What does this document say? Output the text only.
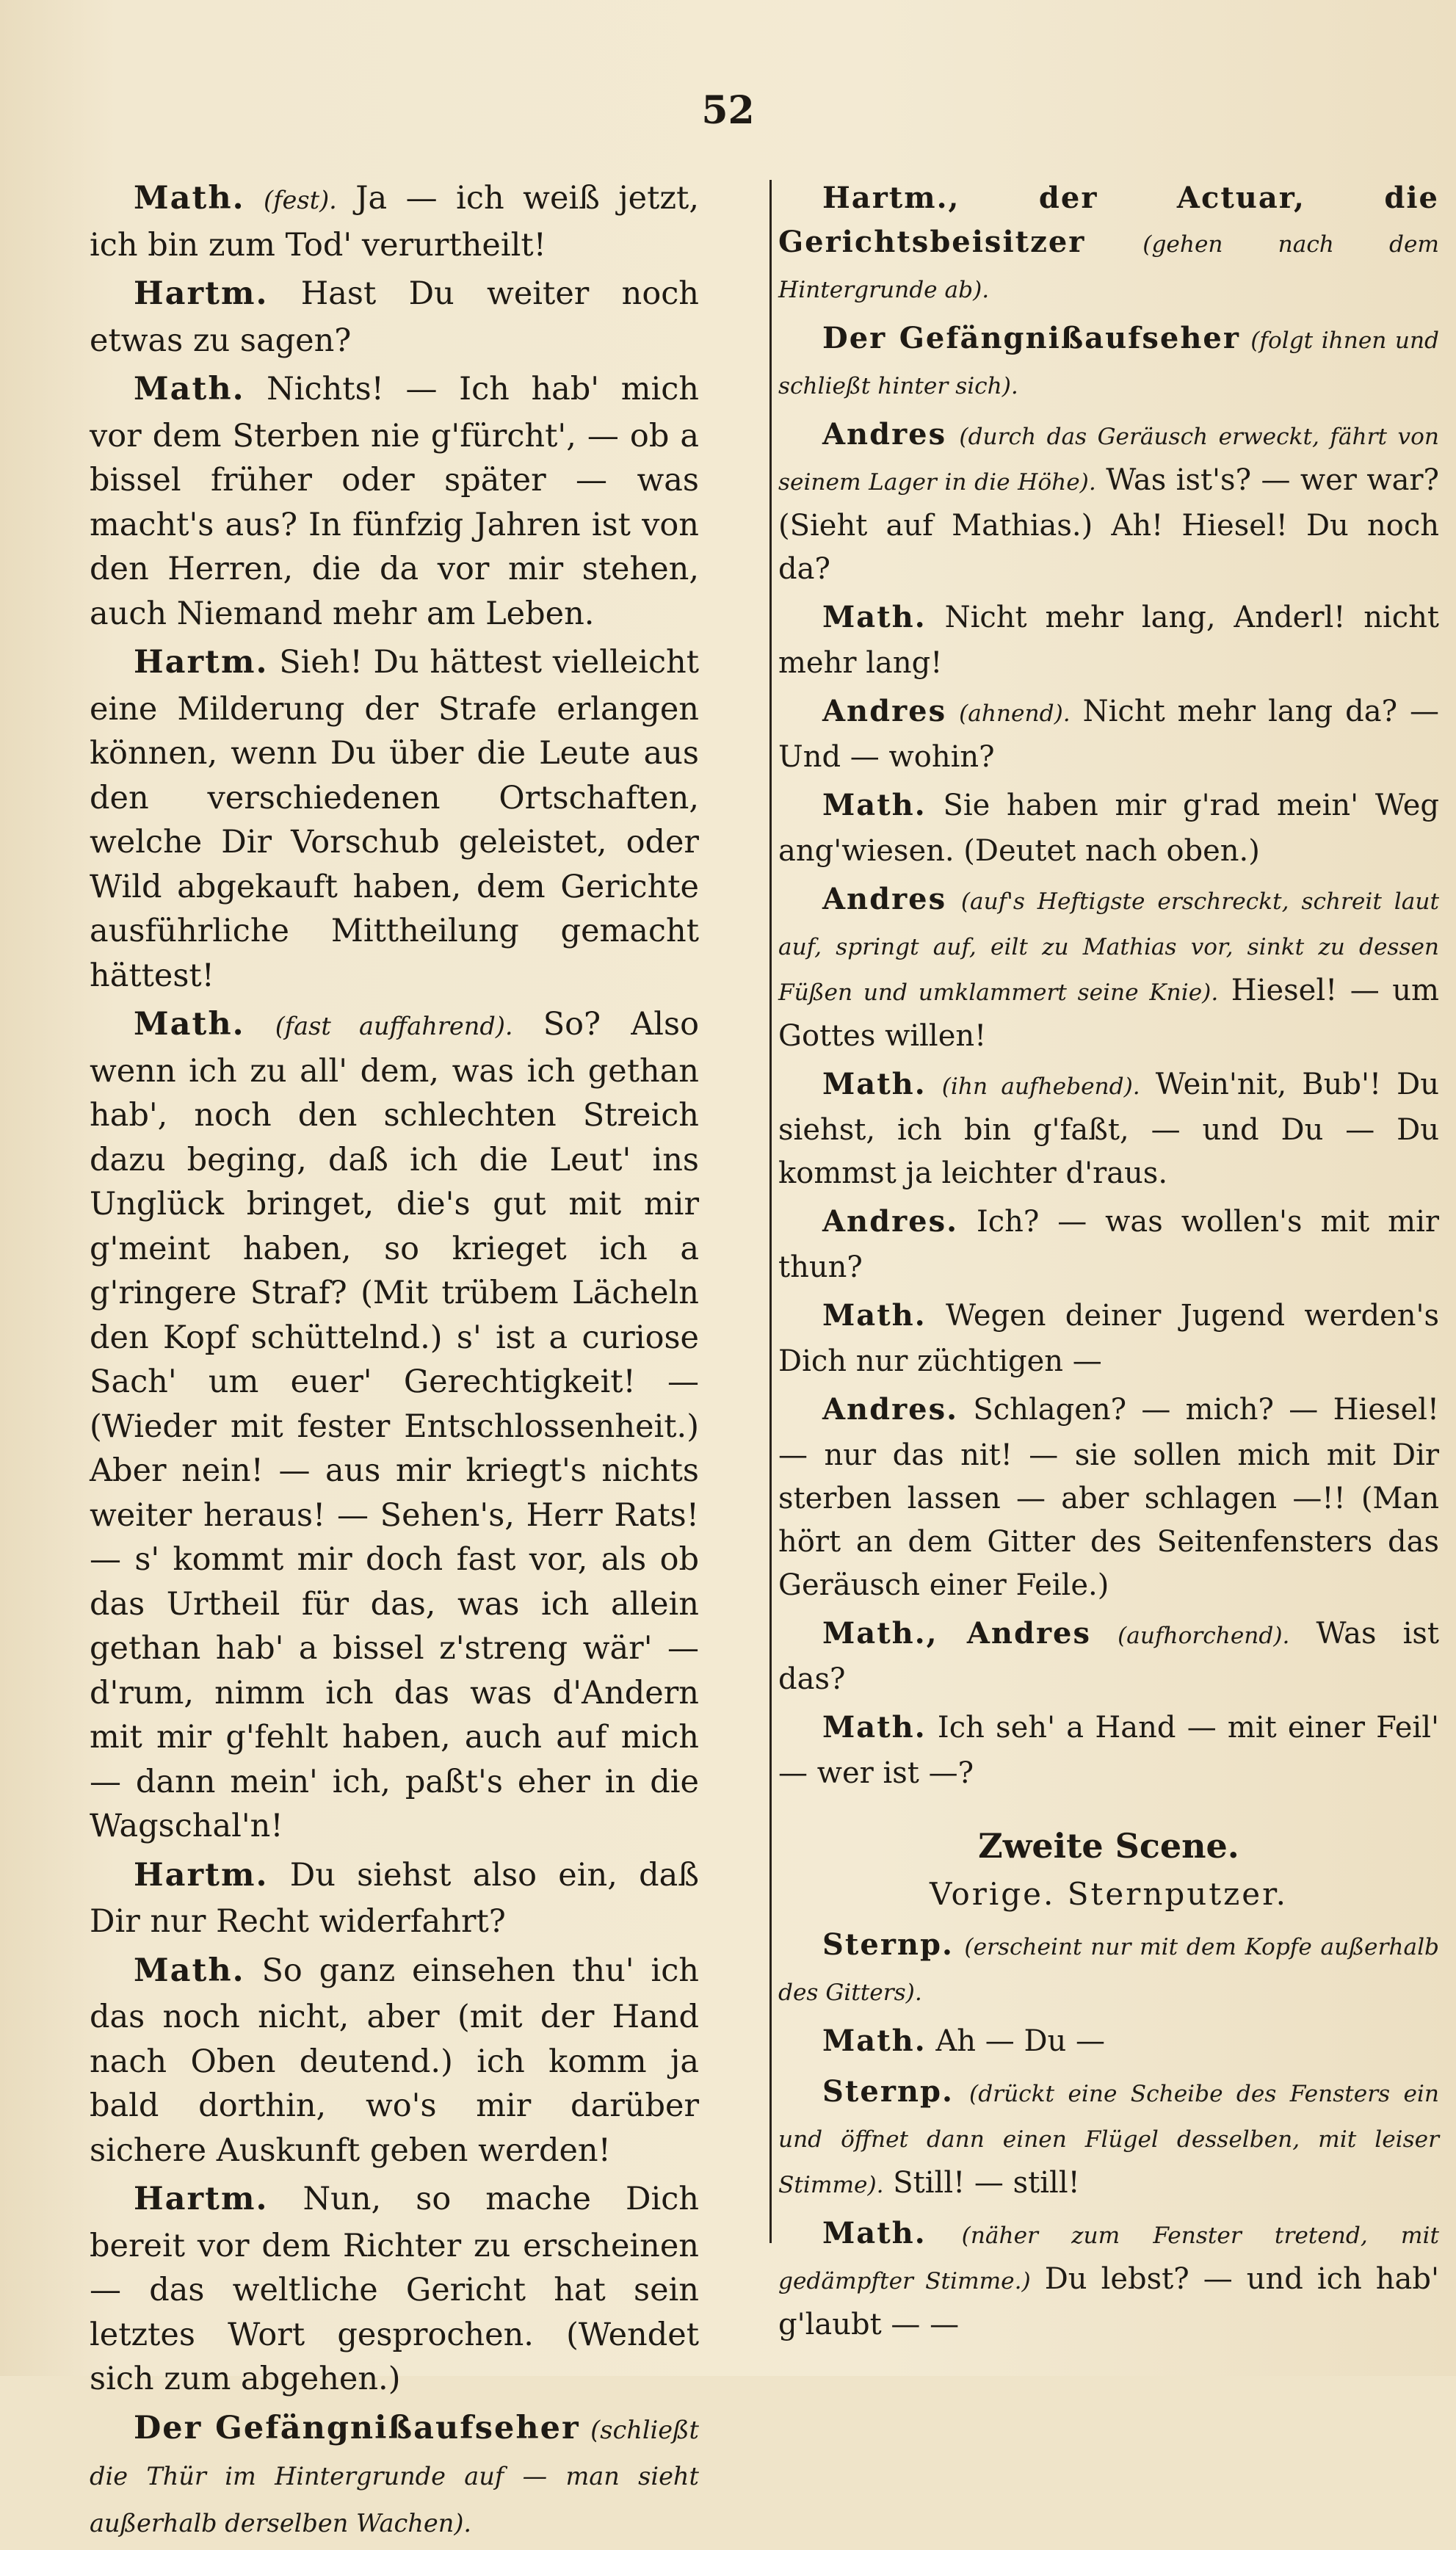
52

Math. (fest). Ja — ich weiß jetzt, ich bin zum Tod' verurtheilt!

Hartm. Hast Du weiter noch etwas zu sagen?

Math. Nichts! — Ich hab' mich vor dem Sterben nie g'fürcht', — ob a bissel früher oder später — was macht's aus? In fünfzig Jahren ist von den Herren, die da vor mir stehen, auch Niemand mehr am Leben.

Hartm. Sieh! Du hättest vielleicht eine Milderung der Strafe erlangen können, wenn Du über die Leute aus den verschiedenen Ortschaften, welche Dir Vorschub geleistet, oder Wild abgekauft haben, dem Gerichte ausführliche Mittheilung gemacht hättest!

Math. (fast auffahrend). So? Also wenn ich zu all' dem, was ich gethan hab', noch den schlechten Streich dazu beging, daß ich die Leut' ins Unglück bringet, die's gut mit mir g'meint haben, so krieget ich a g'ringere Straf? (Mit trübem Lächeln den Kopf schüttelnd.) s' ist a curiose Sach' um euer' Gerechtigkeit! — (Wieder mit fester Entschlossenheit.) Aber nein! — aus mir kriegt's nichts weiter heraus! — Sehen's, Herr Rats! — s' kommt mir doch fast vor, als ob das Urtheil für das, was ich allein gethan hab' a bissel z'streng wär' — d'rum, nimm ich das was d'Andern mit mir g'fehlt haben, auch auf mich — dann mein' ich, paßt's eher in die Wagschal'n!

Hartm. Du siehst also ein, daß Dir nur Recht widerfahrt?

Math. So ganz einsehen thu' ich das noch nicht, aber (mit der Hand nach Oben deutend.) ich komm ja bald dorthin, wo's mir darüber sichere Auskunft geben werden!

Hartm. Nun, so mache Dich bereit vor dem Richter zu erscheinen — das weltliche Gericht hat sein letztes Wort gesprochen. (Wendet sich zum abgehen.)

Der Gefängnißaufseher (schließt die Thür im Hintergrunde auf — man sieht außerhalb derselben Wachen).

Hartm., der Actuar, die Gerichtsbeisitzer (gehen nach dem Hintergrunde ab).

Der Gefängnißaufseher (folgt ihnen und schließt hinter sich).

Andres (durch das Geräusch erweckt, fährt von seinem Lager in die Höhe). Was ist's? — wer war? (Sieht auf Mathias.) Ah! Hiesel! Du noch da?

Math. Nicht mehr lang, Anderl! nicht mehr lang!

Andres (ahnend). Nicht mehr lang da? — Und — wohin?

Math. Sie haben mir g'rad mein' Weg ang'wiesen. (Deutet nach oben.)

Andres (auf's Heftigste erschreckt, schreit laut auf, springt auf, eilt zu Mathias vor, sinkt zu dessen Füßen und umklammert seine Knie). Hiesel! — um Gottes willen!

Math. (ihn aufhebend). Wein'nit, Bub'! Du siehst, ich bin g'faßt, — und Du — Du kommst ja leichter d'raus.

Andres. Ich? — was wollen's mit mir thun?

Math. Wegen deiner Jugend werden's Dich nur züchtigen —

Andres. Schlagen? — mich? — Hiesel! — nur das nit! — sie sollen mich mit Dir sterben lassen — aber schlagen —!! (Man hört an dem Gitter des Seitenfensters das Geräusch einer Feile.)

Math., Andres (aufhorchend). Was ist das?

Math. Ich seh' a Hand — mit einer Feil' — wer ist —?

Zweite Scene.
Vorige. Sternputzer.

Sternp. (erscheint nur mit dem Kopfe außerhalb des Gitters).

Math. Ah — Du —

Sternp. (drückt eine Scheibe des Fensters ein und öffnet dann einen Flügel desselben, mit leiser Stimme). Still! — still!

Math. (näher zum Fenster tretend, mit gedämpfter Stimme.) Du lebst? — und ich hab' g'laubt — —
